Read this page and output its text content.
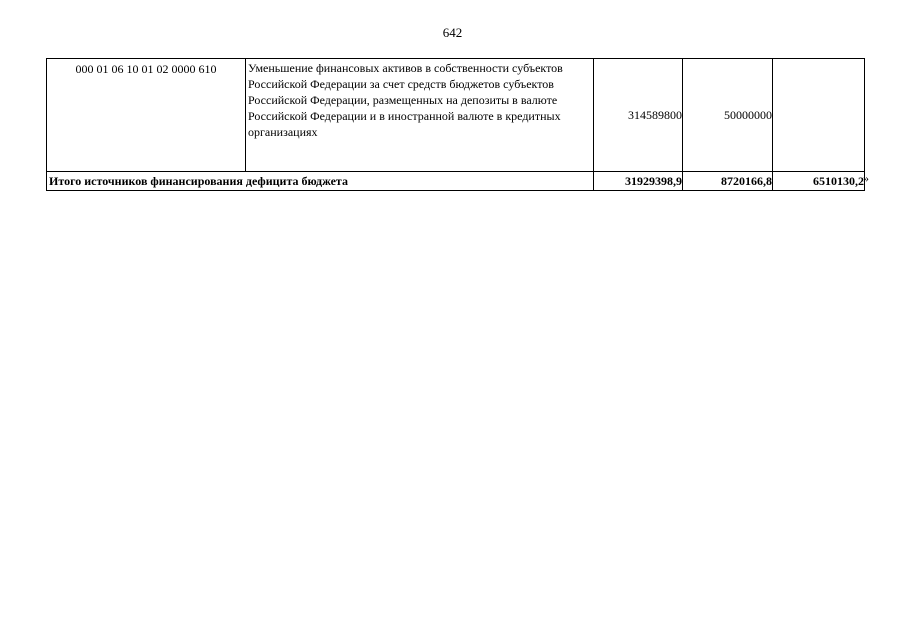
642
000 01 06 10 01 02 0000 610	Уменьшение финансовых активов в собственности субъектов Российской Федерации за счет средств бюджетов субъектов Российской Федерации, размещенных на депозиты в валюте Российской Федерации и в иностранной валюте в кредитных организациях	314589800	50000000	
Итого источников финансирования дефицита бюджета		31929398,9	8720166,8	6510130,2 »
